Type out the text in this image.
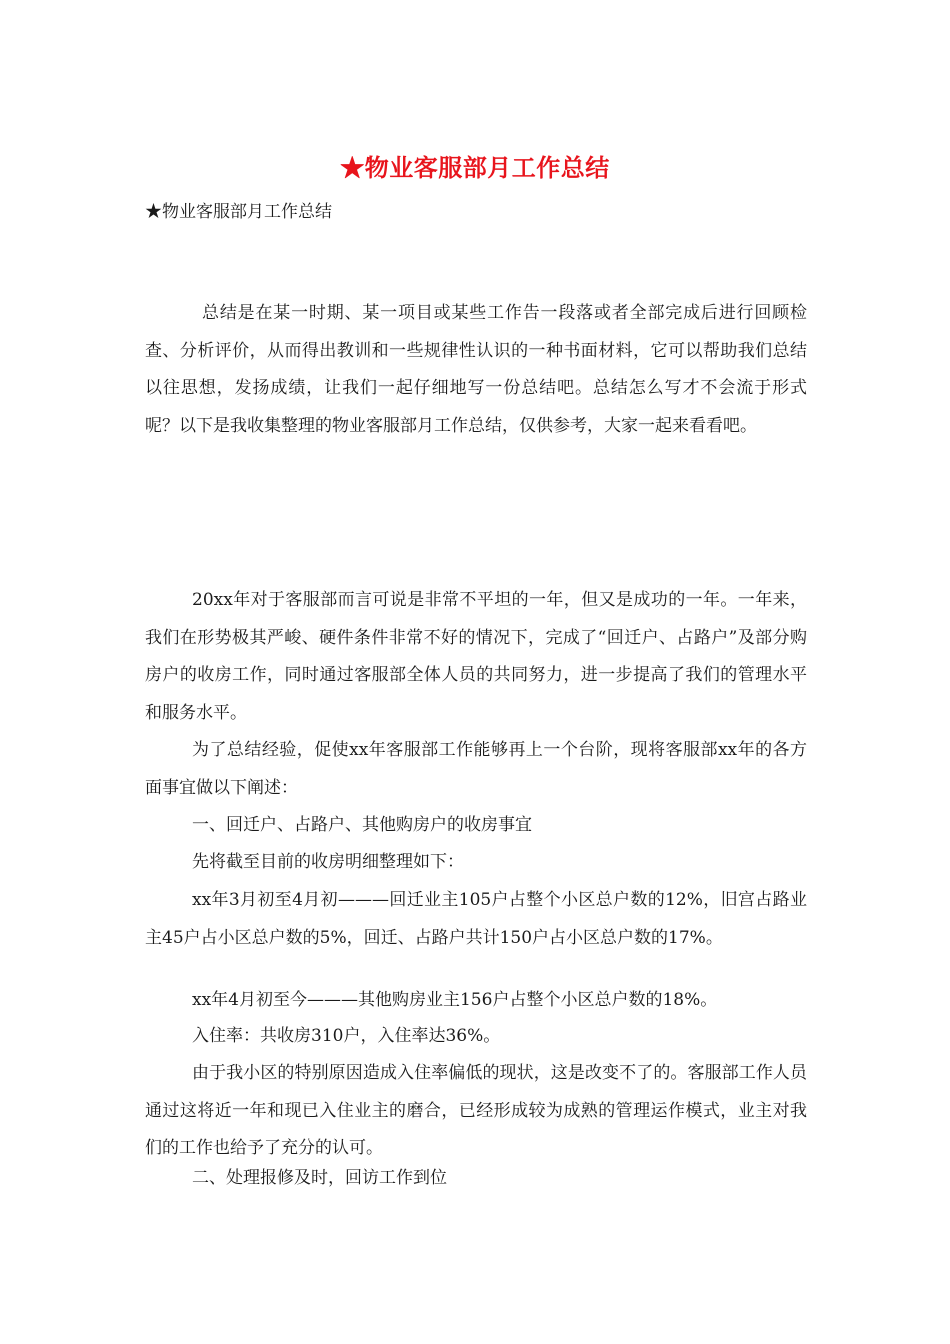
★物业客服部月工作总结

★物业客服部月工作总结

总结是在某一时期、某一项目或某些工作告一段落或者全部完成后进行回顾检查、分析评价，从而得出教训和一些规律性认识的一种书面材料，它可以帮助我们总结以往思想，发扬成绩，让我们一起仔细地写一份总结吧。总结怎么写才不会流于形式呢？以下是我收集整理的物业客服部月工作总结，仅供参考，大家一起来看看吧。

20xx年对于客服部而言可说是非常不平坦的一年，但又是成功的一年。一年来，我们在形势极其严峻、硬件条件非常不好的情况下，完成了“回迁户、占路户”及部分购房户的收房工作，同时通过客服部全体人员的共同努力，进一步提高了我们的管理水平和服务水平。

为了总结经验，促使xx年客服部工作能够再上一个台阶，现将客服部xx年的各方面事宜做以下阐述：

一、回迁户、占路户、其他购房户的收房事宜

先将截至目前的收房明细整理如下：

xx年3月初至4月初———回迁业主105户占整个小区总户数的12%，旧宫占路业主45户占小区总户数的5%，回迁、占路户共计150户占小区总户数的17%。

xx年4月初至今———其他购房业主156户占整个小区总户数的18%。

入住率：共收房310户，入住率达36%。

由于我小区的特别原因造成入住率偏低的现状，这是改变不了的。客服部工作人员通过这将近一年和现已入住业主的磨合，已经形成较为成熟的管理运作模式，业主对我们的工作也给予了充分的认可。

二、处理报修及时，回访工作到位
